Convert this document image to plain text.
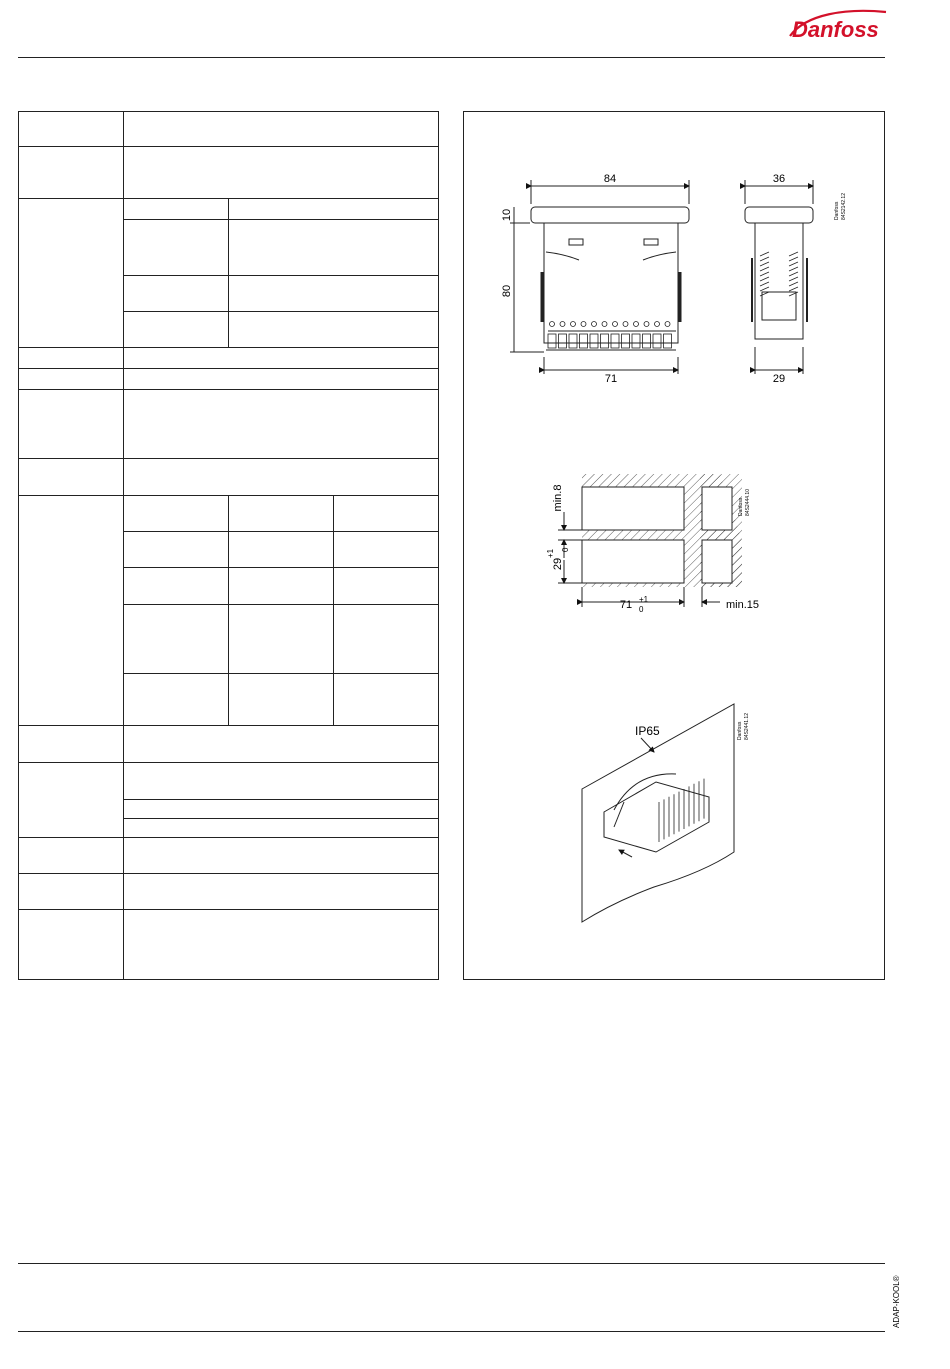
Danfoss

84
10
80
71
36
29
Danfoss 84S2142.12
min.8
29
+1 0
71 +1
0	min.15
Danfoss 84S2444.10
IP65	Danfoss 84S2441.12
ADAP-KOOL®
